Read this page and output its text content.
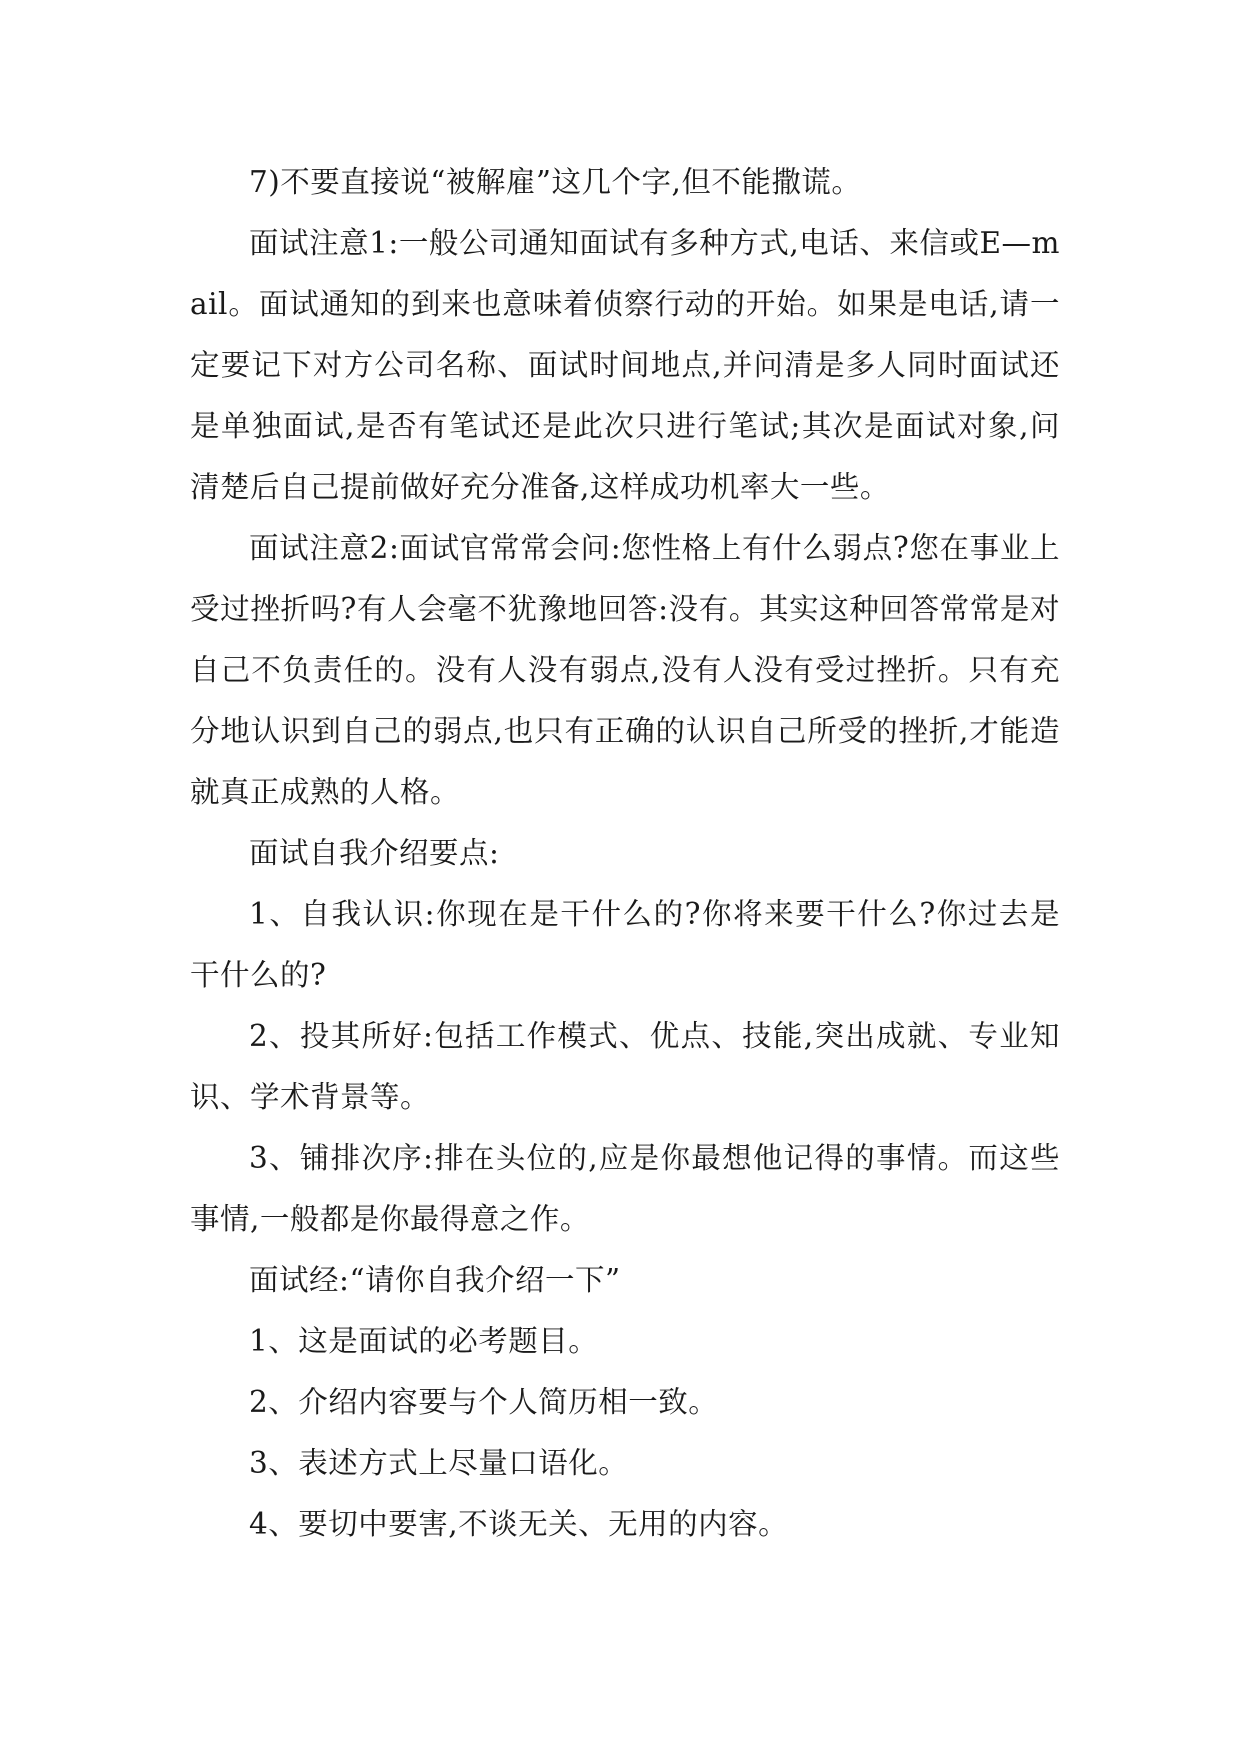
7)不要直接说“被解雇”这几个字,但不能撒谎。

面试注意1:一般公司通知面试有多种方式,电话、来信或E—mail。面试通知的到来也意味着侦察行动的开始。如果是电话,请一定要记下对方公司名称、面试时间地点,并问清是多人同时面试还是单独面试,是否有笔试还是此次只进行笔试;其次是面试对象,问清楚后自己提前做好充分准备,这样成功机率大一些。

面试注意2:面试官常常会问:您性格上有什么弱点?您在事业上受过挫折吗?有人会毫不犹豫地回答:没有。其实这种回答常常是对自己不负责任的。没有人没有弱点,没有人没有受过挫折。只有充分地认识到自己的弱点,也只有正确的认识自己所受的挫折,才能造就真正成熟的人格。

面试自我介绍要点:

1、自我认识:你现在是干什么的?你将来要干什么?你过去是干什么的?

2、投其所好:包括工作模式、优点、技能,突出成就、专业知识、学术背景等。

3、铺排次序:排在头位的,应是你最想他记得的事情。而这些事情,一般都是你最得意之作。

面试经:“请你自我介绍一下”

1、这是面试的必考题目。

2、介绍内容要与个人简历相一致。

3、表述方式上尽量口语化。

4、要切中要害,不谈无关、无用的内容。
